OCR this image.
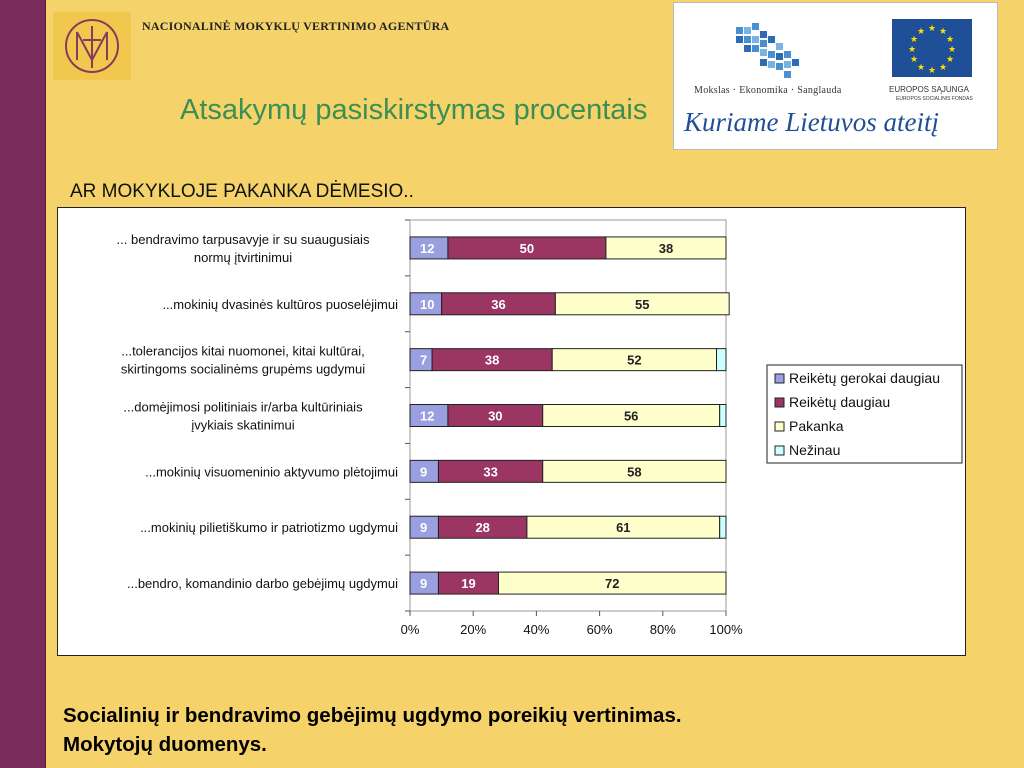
NACIONALINĖ MOKYKLŲ VERTINIMO AGENTŪRA
Atsakymų pasiskirstymas procentais
★ ★
★
★
★
★
★
★
★
★
★
★
Mokslas · Ekonomika · Sanglauda	EUROPOS SĄJUNGA
EUROPOS SOCIALINIS FONDAS
Kuriame Lietuvos ateitį
AR MOKYKLOJE PAKANKA DĖMESIO..
0%	20%	40%	60%	80%	100%
12	50	38
... bendravimo tarpusavyje ir su suaugusiais
normų įtvirtinimui
10	36	55
...mokinių dvasinės kultūros puoselėjimui
7	38	52
...tolerancijos kitai nuomonei, kitai kultūrai,
skirtingoms socialinėms grupėms ugdymui
12	30	56
...domėjimosi politiniais ir/arba kultūriniais
įvykiais skatinimui
9	33	58
...mokinių visuomeninio aktyvumo plėtojimui
9	28	61
...mokinių pilietiškumo ir patriotizmo ugdymui
9	19	72
...bendro, komandinio darbo gebėjimų ugdymui
Reikėtų gerokai daugiau
Reikėtų daugiau
Pakanka
Nežinau
Socialinių ir bendravimo gebėjimų ugdymo poreikių vertinimas.
Mokytojų duomenys.
